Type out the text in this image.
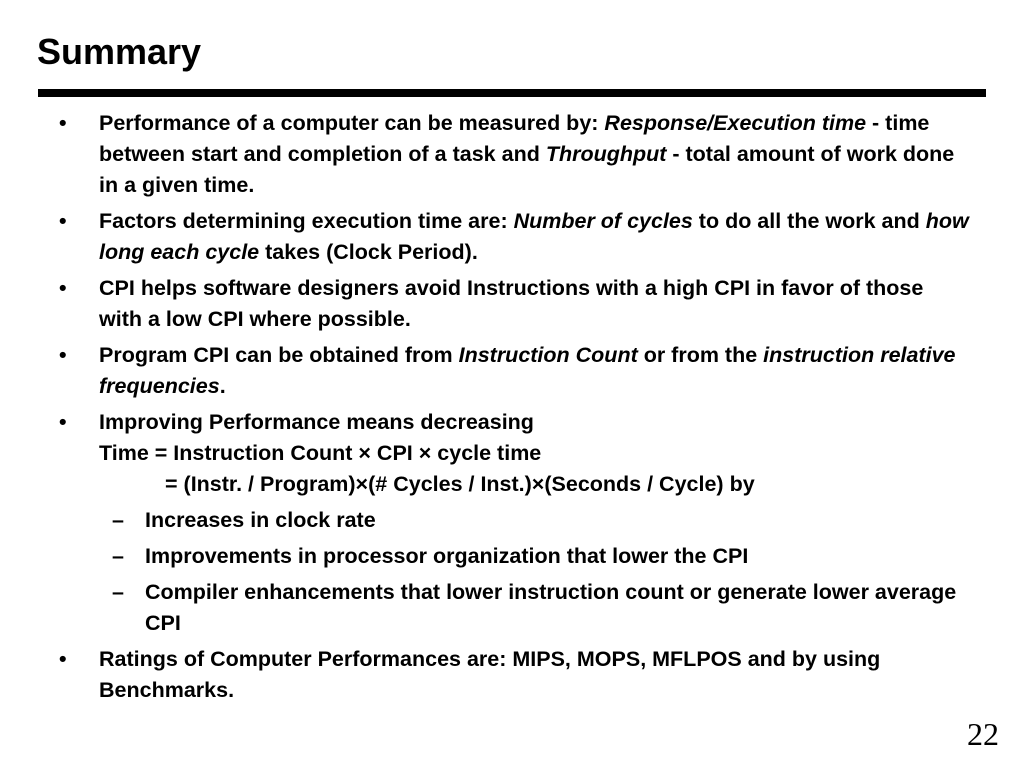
Summary
• Performance of a computer can be measured by: Response/Execution time - time between start and completion of a task and Throughput - total amount of work done in a given time.
• Factors determining execution time are: Number of cycles to do all the work and how long each cycle takes (Clock Period).
• CPI helps software designers avoid Instructions with a high CPI in favor of those with a low CPI where possible.
• Program CPI can be obtained from Instruction Count or from the instruction relative frequencies.
• Improving Performance means decreasing
Time = Instruction Count × CPI × cycle time
= (Instr. / Program)×(# Cycles / Inst.)×(Seconds / Cycle) by
– Increases in clock rate
– Improvements in processor organization that lower the CPI
– Compiler enhancements that lower instruction count or generate lower average CPI
• Ratings of Computer Performances are: MIPS, MOPS, MFLPOS and by using Benchmarks.
22
